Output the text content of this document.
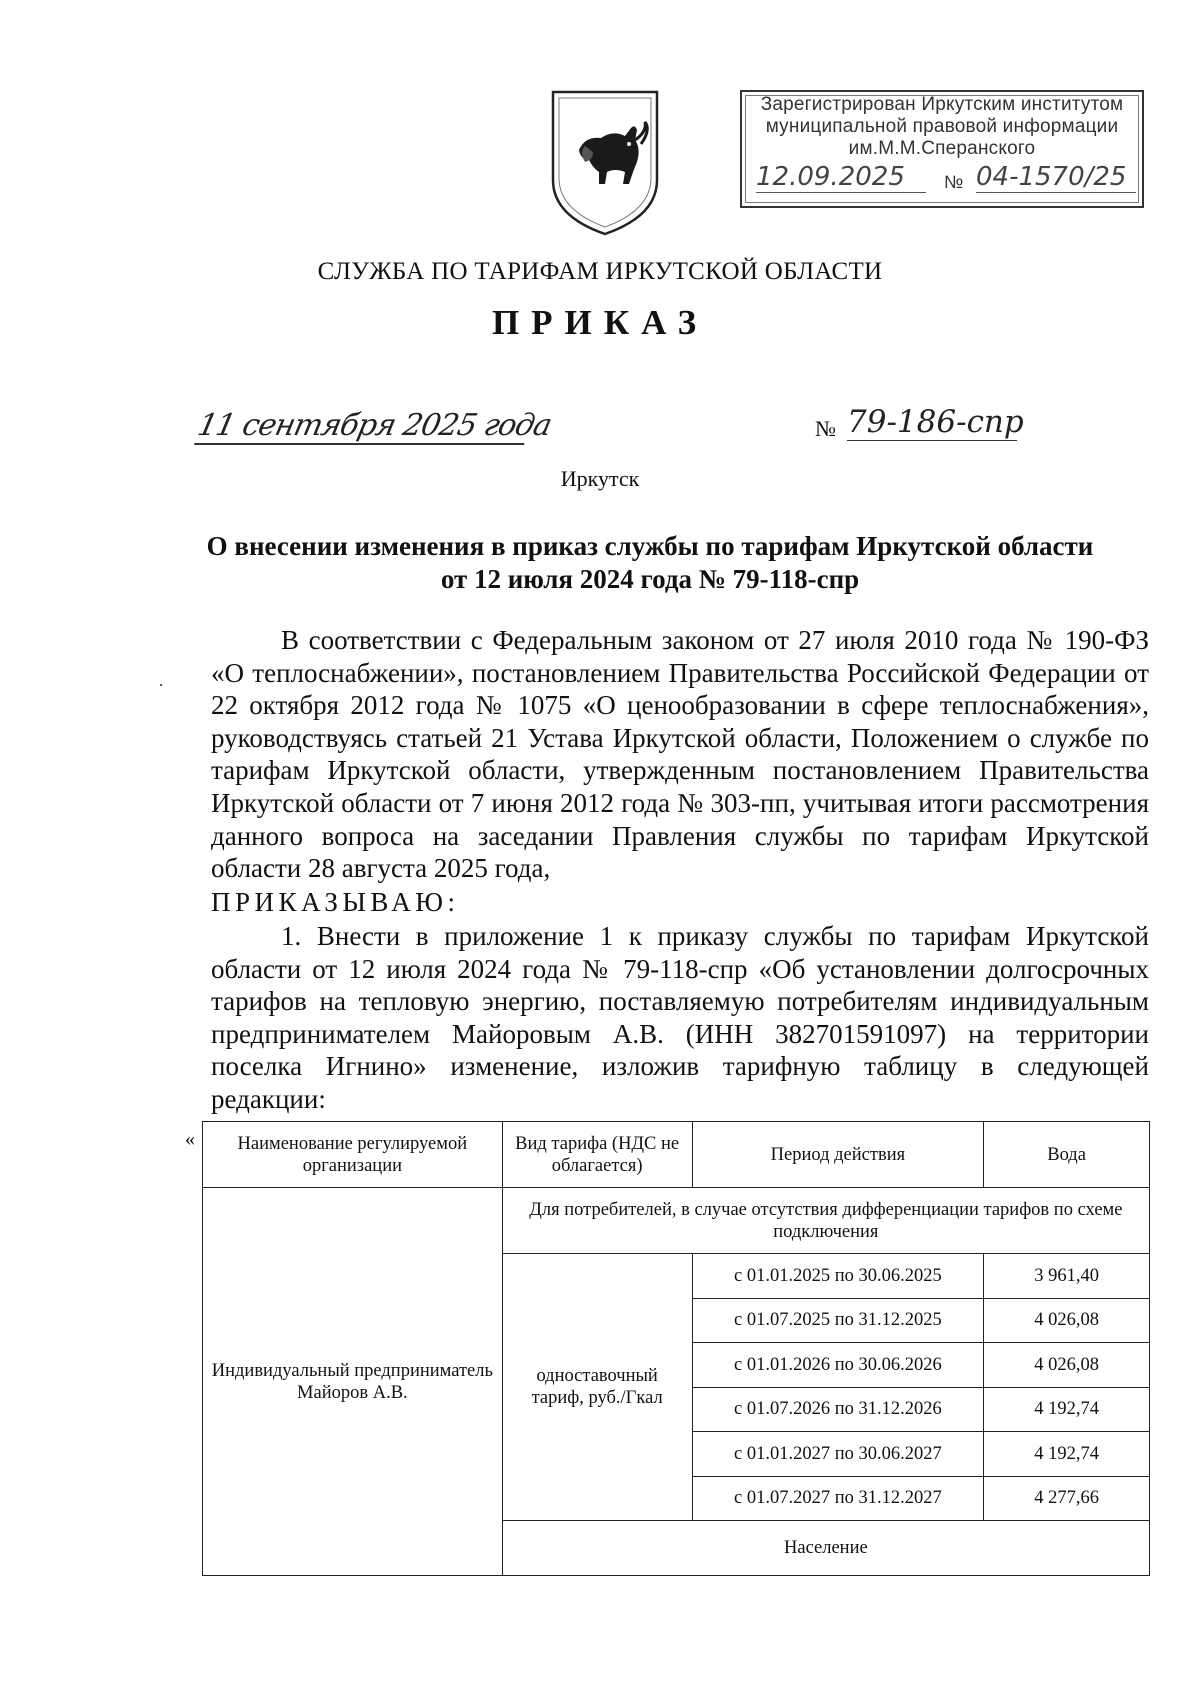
Зарегистрирован Иркутским институтом
муниципальной правовой информации
им.М.М.Сперанского
12.09.2025	№ 04-1570/25
СЛУЖБА ПО ТАРИФАМ ИРКУТСКОЙ ОБЛАСТИ
ПРИКАЗ
11 сентября 2025 года	№ 79-186-спр
Иркутск
О внесении изменения в приказ службы по тарифам Иркутской области
от 12 июля 2024 года № 79-118-спр
В соответствии с Федеральным законом от 27 июля 2010 года № 190-ФЗ «О теплоснабжении», постановлением Правительства Российской Федерации от 22 октября 2012 года № 1075 «О ценообразовании в сфере теплоснабжения», руководствуясь статьей 21 Устава Иркутской области, Положением о службе по тарифам Иркутской области, утвержденным постановлением Правительства Иркутской области от 7 июня 2012 года № 303-пп, учитывая итоги рассмотрения данного вопроса на заседании Правления службы по тарифам Иркутской области 28 августа 2025 года,
ПРИКАЗЫВАЮ:
1. Внести в приложение 1 к приказу службы по тарифам Иркутской области от 12 июля 2024 года № 79-118-спр «Об установлении долгосрочных тарифов на тепловую энергию, поставляемую потребителям индивидуальным предпринимателем Майоровым А.В. (ИНН 382701591097) на территории поселка Игнино» изменение, изложив тарифную таблицу в следующей редакции:
« Наименование регулируемой организации	Вид тарифа (НДС не облагается)	Период действия	Вода
Индивидуальный предприниматель Майоров А.В.	Для потребителей, в случае отсутствия дифференциации тарифов по схеме подключения		
	одноставочный тариф, руб./Гкал	с 01.01.2025 по 30.06.2025	3 961,40
		с 01.07.2025 по 31.12.2025	4 026,08
		с 01.01.2026 по 30.06.2026	4 026,08
		с 01.07.2026 по 31.12.2026	4 192,74
		с 01.01.2027 по 30.06.2027	4 192,74
		с 01.07.2027 по 31.12.2027	4 277,66
	Население		
